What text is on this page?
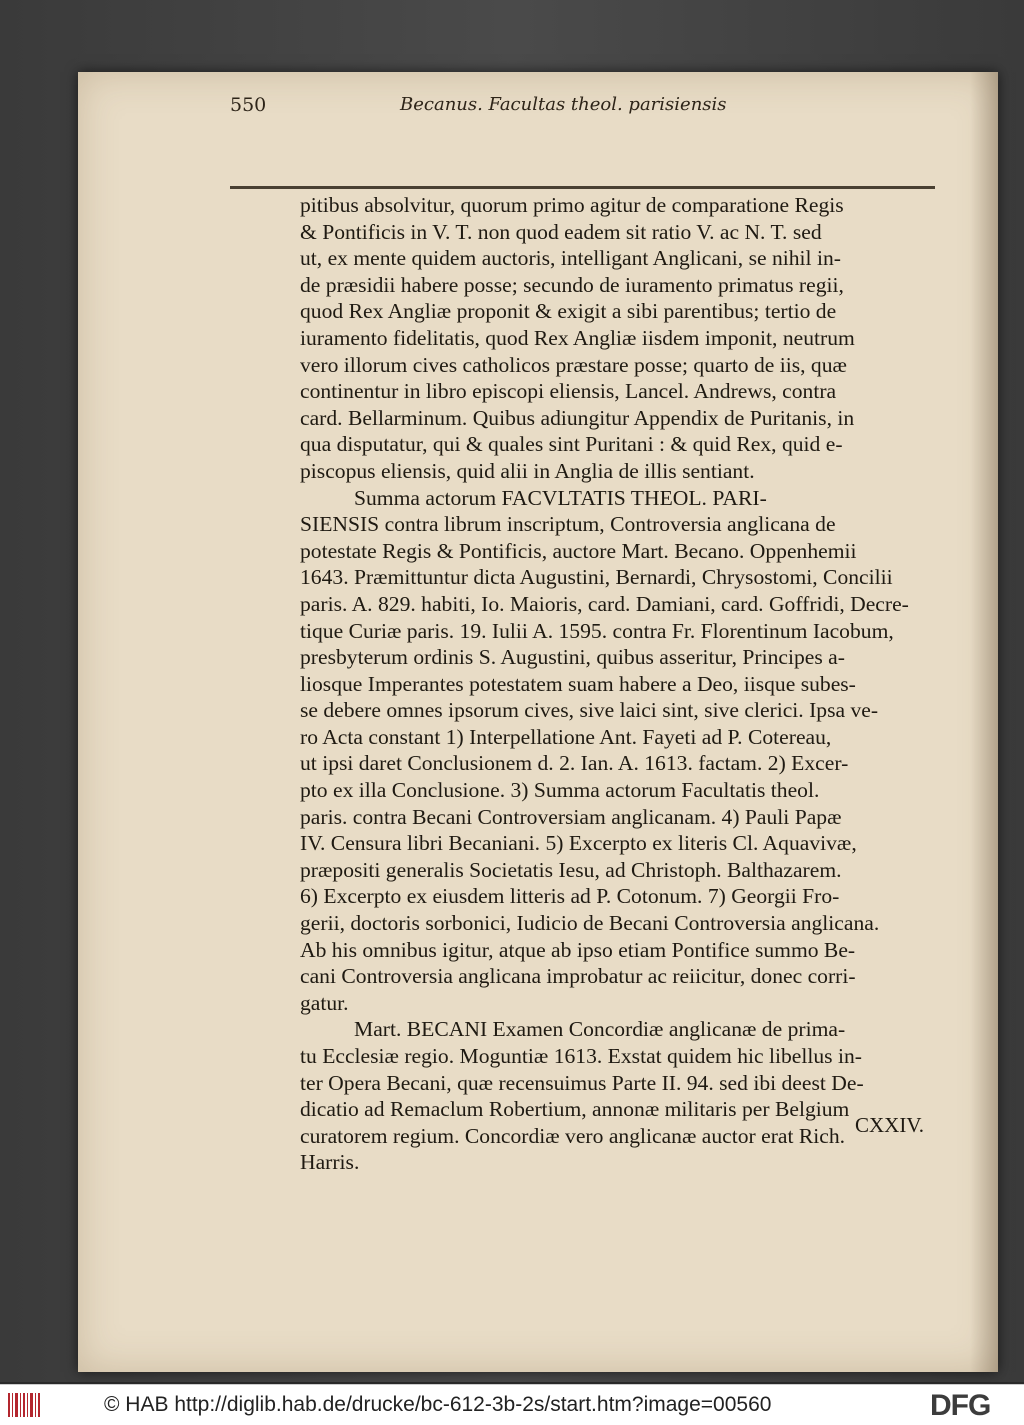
550	Becanus. Facultas theol. parisiensis
pitibus absolvitur, quorum primo agitur de comparatione Regis
& Pontificis in V. T. non quod eadem sit ratio V. ac N. T. sed
ut, ex mente quidem auctoris, intelligant Anglicani, se nihil in-
de præsidii habere posse; secundo de iuramento primatus regii,
quod Rex Angliæ proponit & exigit a sibi parentibus; tertio de
iuramento fidelitatis, quod Rex Angliæ iisdem imponit, neutrum
vero illorum cives catholicos præstare posse; quarto de iis, quæ
continentur in libro episcopi eliensis, Lancel. Andrews, contra
card. Bellarminum. Quibus adiungitur Appendix de Puritanis, in
qua disputatur, qui & quales sint Puritani : & quid Rex, quid e-
piscopus eliensis, quid alii in Anglia de illis sentiant.
Summa actorum FACVLTATIS THEOL. PARI-
SIENSIS contra librum inscriptum, Controversia anglicana de
potestate Regis & Pontificis, auctore Mart. Becano. Oppenhemii
1643. Præmittuntur dicta Augustini, Bernardi, Chrysostomi, Concilii
paris. A. 829. habiti, Io. Maioris, card. Damiani, card. Goffridi, Decre-
tique Curiæ paris. 19. Iulii A. 1595. contra Fr. Florentinum Iacobum,
presbyterum ordinis S. Augustini, quibus asseritur, Principes a-
liosque Imperantes potestatem suam habere a Deo, iisque subes-
se debere omnes ipsorum cives, sive laici sint, sive clerici. Ipsa ve-
ro Acta constant 1) Interpellatione Ant. Fayeti ad P. Cotereau,
ut ipsi daret Conclusionem d. 2. Ian. A. 1613. factam. 2) Excer-
pto ex illa Conclusione. 3) Summa actorum Facultatis theol.
paris. contra Becani Controversiam anglicanam. 4) Pauli Papæ
IV. Censura libri Becaniani. 5) Excerpto ex literis Cl. Aquavivæ,
præpositi generalis Societatis Iesu, ad Christoph. Balthazarem.
6) Excerpto ex eiusdem litteris ad P. Cotonum. 7) Georgii Fro-
gerii, doctoris sorbonici, Iudicio de Becani Controversia anglicana.
Ab his omnibus igitur, atque ab ipso etiam Pontifice summo Be-
cani Controversia anglicana improbatur ac reiicitur, donec corri-
gatur.
Mart. BECANI Examen Concordiæ anglicanæ de prima-
tu Ecclesiæ regio. Moguntiæ 1613. Exstat quidem hic libellus in-
ter Opera Becani, quæ recensuimus Parte II. 94. sed ibi deest De-
dicatio ad Remaclum Robertium, annonæ militaris per Belgium
curatorem regium. Concordiæ vero anglicanæ auctor erat Rich.
Harris.
CXXIV.
© HAB http://diglib.hab.de/drucke/bc-612-3b-2s/start.htm?image=00560	DFG
